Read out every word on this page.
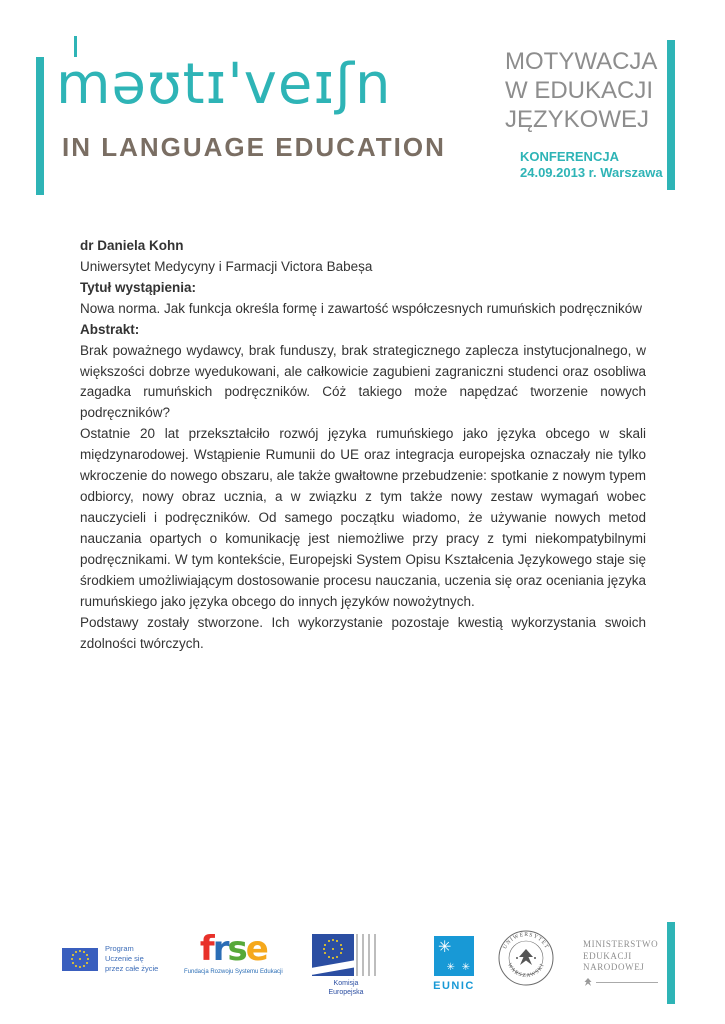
məʊtɪ'veɪʃn
IN LANGUAGE EDUCATION
MOTYWACJA
W EDUKACJI
JĘZYKOWEJ
KONFERENCJA
24.09.2013 r. Warszawa

dr Daniela Kohn

Uniwersytet Medycyny i Farmacji Victora Babeșa

Tytuł wystąpienia:

Nowa norma. Jak funkcja określa formę i zawartość współczesnych rumuńskich podręczników

Abstrakt:

Brak poważnego wydawcy, brak funduszy, brak strategicznego zaplecza instytucjonalnego, w większości dobrze wyedukowani, ale całkowicie zagubieni zagraniczni studenci oraz osobliwa zagadka rumuńskich podręczników. Cóż takiego może napędzać tworzenie nowych podręczników?

Ostatnie 20 lat przekształciło rozwój języka rumuńskiego jako języka obcego w skali międzynarodowej. Wstąpienie Rumunii do UE oraz integracja europejska oznaczały nie tylko wkroczenie do nowego obszaru, ale także gwałtowne przebudzenie: spotkanie z nowym typem odbiorcy, nowy obraz ucznia, a w związku z tym także nowy zestaw wymagań wobec nauczycieli i podręczników. Od samego początku wiadomo, że używanie nowych metod nauczania opartych o komunikację jest niemożliwe przy pracy z tymi niekompatybilnymi podręcznikami. W tym kontekście, Europejski System Opisu Kształcenia Językowego staje się środkiem umożliwiającym dostosowanie procesu nauczania, uczenia się oraz oceniania języka rumuńskiego jako języka obcego do innych języków nowożytnych.

Podstawy zostały stworzone. Ich wykorzystanie pozostaje kwestią wykorzystania swoich zdolności twórczych.

Program
Uczenie się
przez całe życie	frse
Fundacja Rozwoju Systemu Edukacji
Komisja
Europejska
✳ ✳ ✳
EUNIC
UNIWERSYTET
WARSZAWSKI
MINISTERSTWO
EDUKACJI
NARODOWEJ
